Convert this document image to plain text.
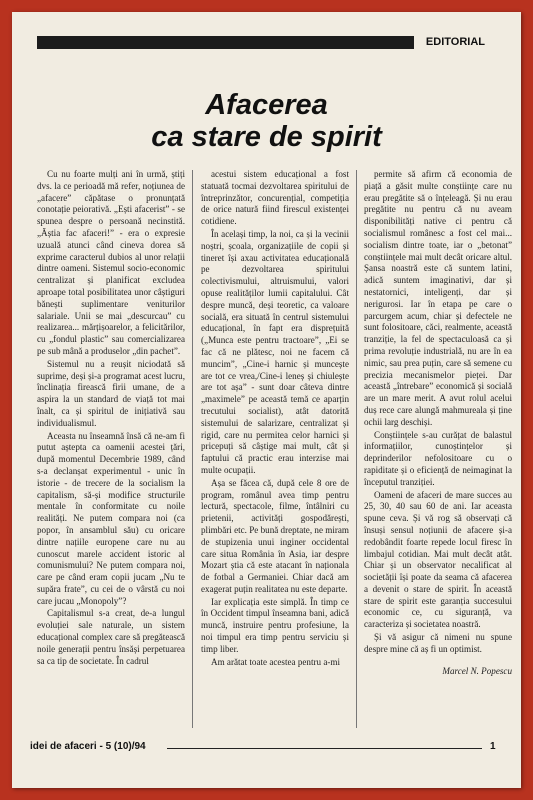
EDITORIAL
Afacerea
ca stare de spirit

Cu nu foarte mulți ani în urmă, știți dvs. la ce perioadă mă refer, noțiunea de „afacere” căpătase o pronunțată conotație peiorativă. „Ești afacerist” - se spunea despre o persoană necinstită. „Ăștia fac afaceri!” - era o expresie uzuală atunci când cineva dorea să exprime caracterul dubios al unor relații dintre oameni. Sistemul socio-economic centralizat și planificat excludea aproape total posibilitatea unor câștiguri bănești suplimentare veniturilor salariale. Unii se mai „descurcau” cu realizarea... mărțișoarelor, a felicitărilor, cu „fondul plastic” sau comercializarea pe sub mână a produselor „din pachet”.

Sistemul nu a reușit niciodată să suprime, deși și-a programat acest lucru, înclinația firească firii umane, de a aspira la un standard de viață tot mai înalt, ca și spiritul de inițiativă sau individualismul.

Aceasta nu înseamnă însă că ne-am fi putut aștepta ca oamenii acestei țări, după momentul Decembrie 1989, când s-a declanșat experimentul - unic în istorie - de trecere de la socialism la capitalism, să-și modifice structurile mentale în conformitate cu noile realități. Ne putem compara noi (ca popor, în ansamblul său) cu oricare dintre națiile europene care nu au cunoscut marele accident istoric al comunismului? Ne putem compara noi, care pe când eram copii jucam „Nu te supăra frate”, cu cei de o vârstă cu noi care jucau „Monopoly”?

Capitalismul s-a creat, de-a lungul evoluției sale naturale, un sistem educațional complex care să pregătească noile generații pentru însăși perpetuarea sa ca tip de societate. În cadrul

acestui sistem educațional a fost statuată tocmai dezvoltarea spiritului de întreprinzător, concurențial, competiția de orice natură fiind firescul existenței cotidiene.

În același timp, la noi, ca și la vecinii noștri, școala, organizațiile de copii și tineret își axau activitatea educațională pe dezvoltarea spiritului colectivismului, altruismului, valori opuse realităților lumii capitalului. Cât despre muncă, deși teoretic, ca valoare socială, era situată în centrul sistemului educațional, în fapt era disprețuită („Munca este pentru tractoare”, „Ei se fac că ne plătesc, noi ne facem că muncim”, „Cine-i harnic și muncește are tot ce vrea,/Cine-i leneș și chiulește are tot așa” - sunt doar câteva dintre „maximele” pe această temă ce aparțin trecutului socialist), atât datorită sistemului de salarizare, centralizat și rigid, care nu permitea celor harnici și pricepuți să câștige mai mult, cât și faptului că practic erau interzise mai multe ocupații.

Așa se făcea că, după cele 8 ore de program, românul avea timp pentru lectură, spectacole, filme, întâlniri cu prietenii, activități gospodărești, plimbări etc. Pe bună dreptate, ne miram de stupizenia unui inginer occidental care situa România în Asia, iar despre Mozart știa că este atacant în naționala de fotbal a Germaniei. Chiar dacă am exagerat puțin realitatea nu este departe.

Iar explicația este simplă. În timp ce în Occident timpul înseamna bani, adică muncă, instruire pentru profesiune, la noi timpul era timp pentru serviciu și timp liber.

Am arătat toate acestea pentru a-mi

permite să afirm că economia de piață a găsit multe conștiințe care nu erau pregătite să o înțeleagă. Și nu erau pregătite nu pentru că nu aveam disponibilități native ci pentru că socialismul românesc a fost cel mai... socialism dintre toate, iar o „betonat” conștiințele mai mult decât oricare altul. Șansa noastră este că suntem latini, adică suntem imaginativi, dar și nestatornici, inteligenți, dar și nerigurosi. Iar în etapa pe care o parcurgem acum, chiar și defectele ne sunt folositoare, căci, realmente, această tranziție, la fel de spectaculoasă ca și prima revoluție industrială, nu are în ea nimic, sau prea puțin, care să semene cu precizia mecanismelor pieței. Dar această „întrebare” economică și socială are un mare merit. A avut rolul acelui duș rece care alungă mahmureala și ține ochii larg deschiși.

Conștiințele s-au curățat de balastul informațiilor, cunoștințelor și deprinderilor nefolositoare cu o rapiditate și o eficiență de neimaginat la începutul tranziției.

Oameni de afaceri de mare succes au 25, 30, 40 sau 60 de ani. Iar aceasta spune ceva. Și vă rog să observați că însuși sensul noțiunii de afacere și-a redobândit foarte repede locul firesc în limbajul cotidian. Mai mult decât atât. Chiar și un observator necalificat al societății își poate da seama că afacerea a devenit o stare de spirit. În această stare de spirit este garanția succesului economic ce, cu siguranță, va caracteriza și societatea noastră.

Și vă asigur că nimeni nu spune despre mine că aș fi un optimist.

Marcel N. Popescu

idei de afaceri - 5 (10)/94	1
